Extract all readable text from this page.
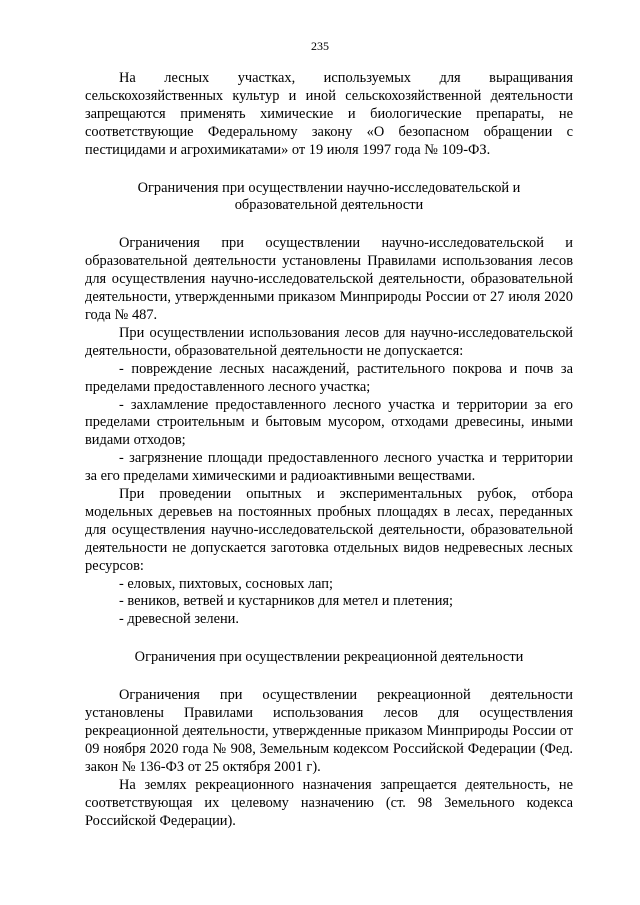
235

На лесных участках, используемых для выращивания сельскохозяйственных культур и иной сельскохозяйственной деятельности запрещаются применять химические и биологические препараты, не соответствующие Федеральному закону «О безопасном обращении с пестицидами и агрохимикатами» от 19 июля 1997 года № 109-ФЗ.

Ограничения при осуществлении научно-исследовательской и
образовательной деятельности

Ограничения при осуществлении научно-исследовательской и образовательной деятельности установлены Правилами использования лесов для осуществления научно-исследовательской деятельности, образовательной деятельности, утвержденными приказом Минприроды России от 27 июля 2020 года № 487.

При осуществлении использования лесов для научно-исследовательской деятельности, образовательной деятельности не допускается:

- повреждение лесных насаждений, растительного покрова и почв за пределами предоставленного лесного участка;

- захламление предоставленного лесного участка и территории за его пределами строительным и бытовым мусором, отходами древесины, иными видами отходов;

- загрязнение площади предоставленного лесного участка и территории за его пределами химическими и радиоактивными веществами.

При проведении опытных и экспериментальных рубок, отбора модельных деревьев на постоянных пробных площадях в лесах, переданных для осуществления научно-исследовательской деятельности, образовательной деятельности не допускается заготовка отдельных видов недревесных лесных ресурсов:

- еловых, пихтовых, сосновых лап;

- веников, ветвей и кустарников для метел и плетения;

- древесной зелени.

Ограничения при осуществлении рекреационной деятельности

Ограничения при осуществлении рекреационной деятельности установлены Правилами использования лесов для осуществления рекреационной деятельности, утвержденные приказом Минприроды России от 09 ноября 2020 года № 908, Земельным кодексом Российской Федерации (Фед. закон № 136-ФЗ от 25 октября 2001 г).

На землях рекреационного назначения запрещается деятельность, не соответствующая их целевому назначению (ст. 98 Земельного кодекса Российской Федерации).
